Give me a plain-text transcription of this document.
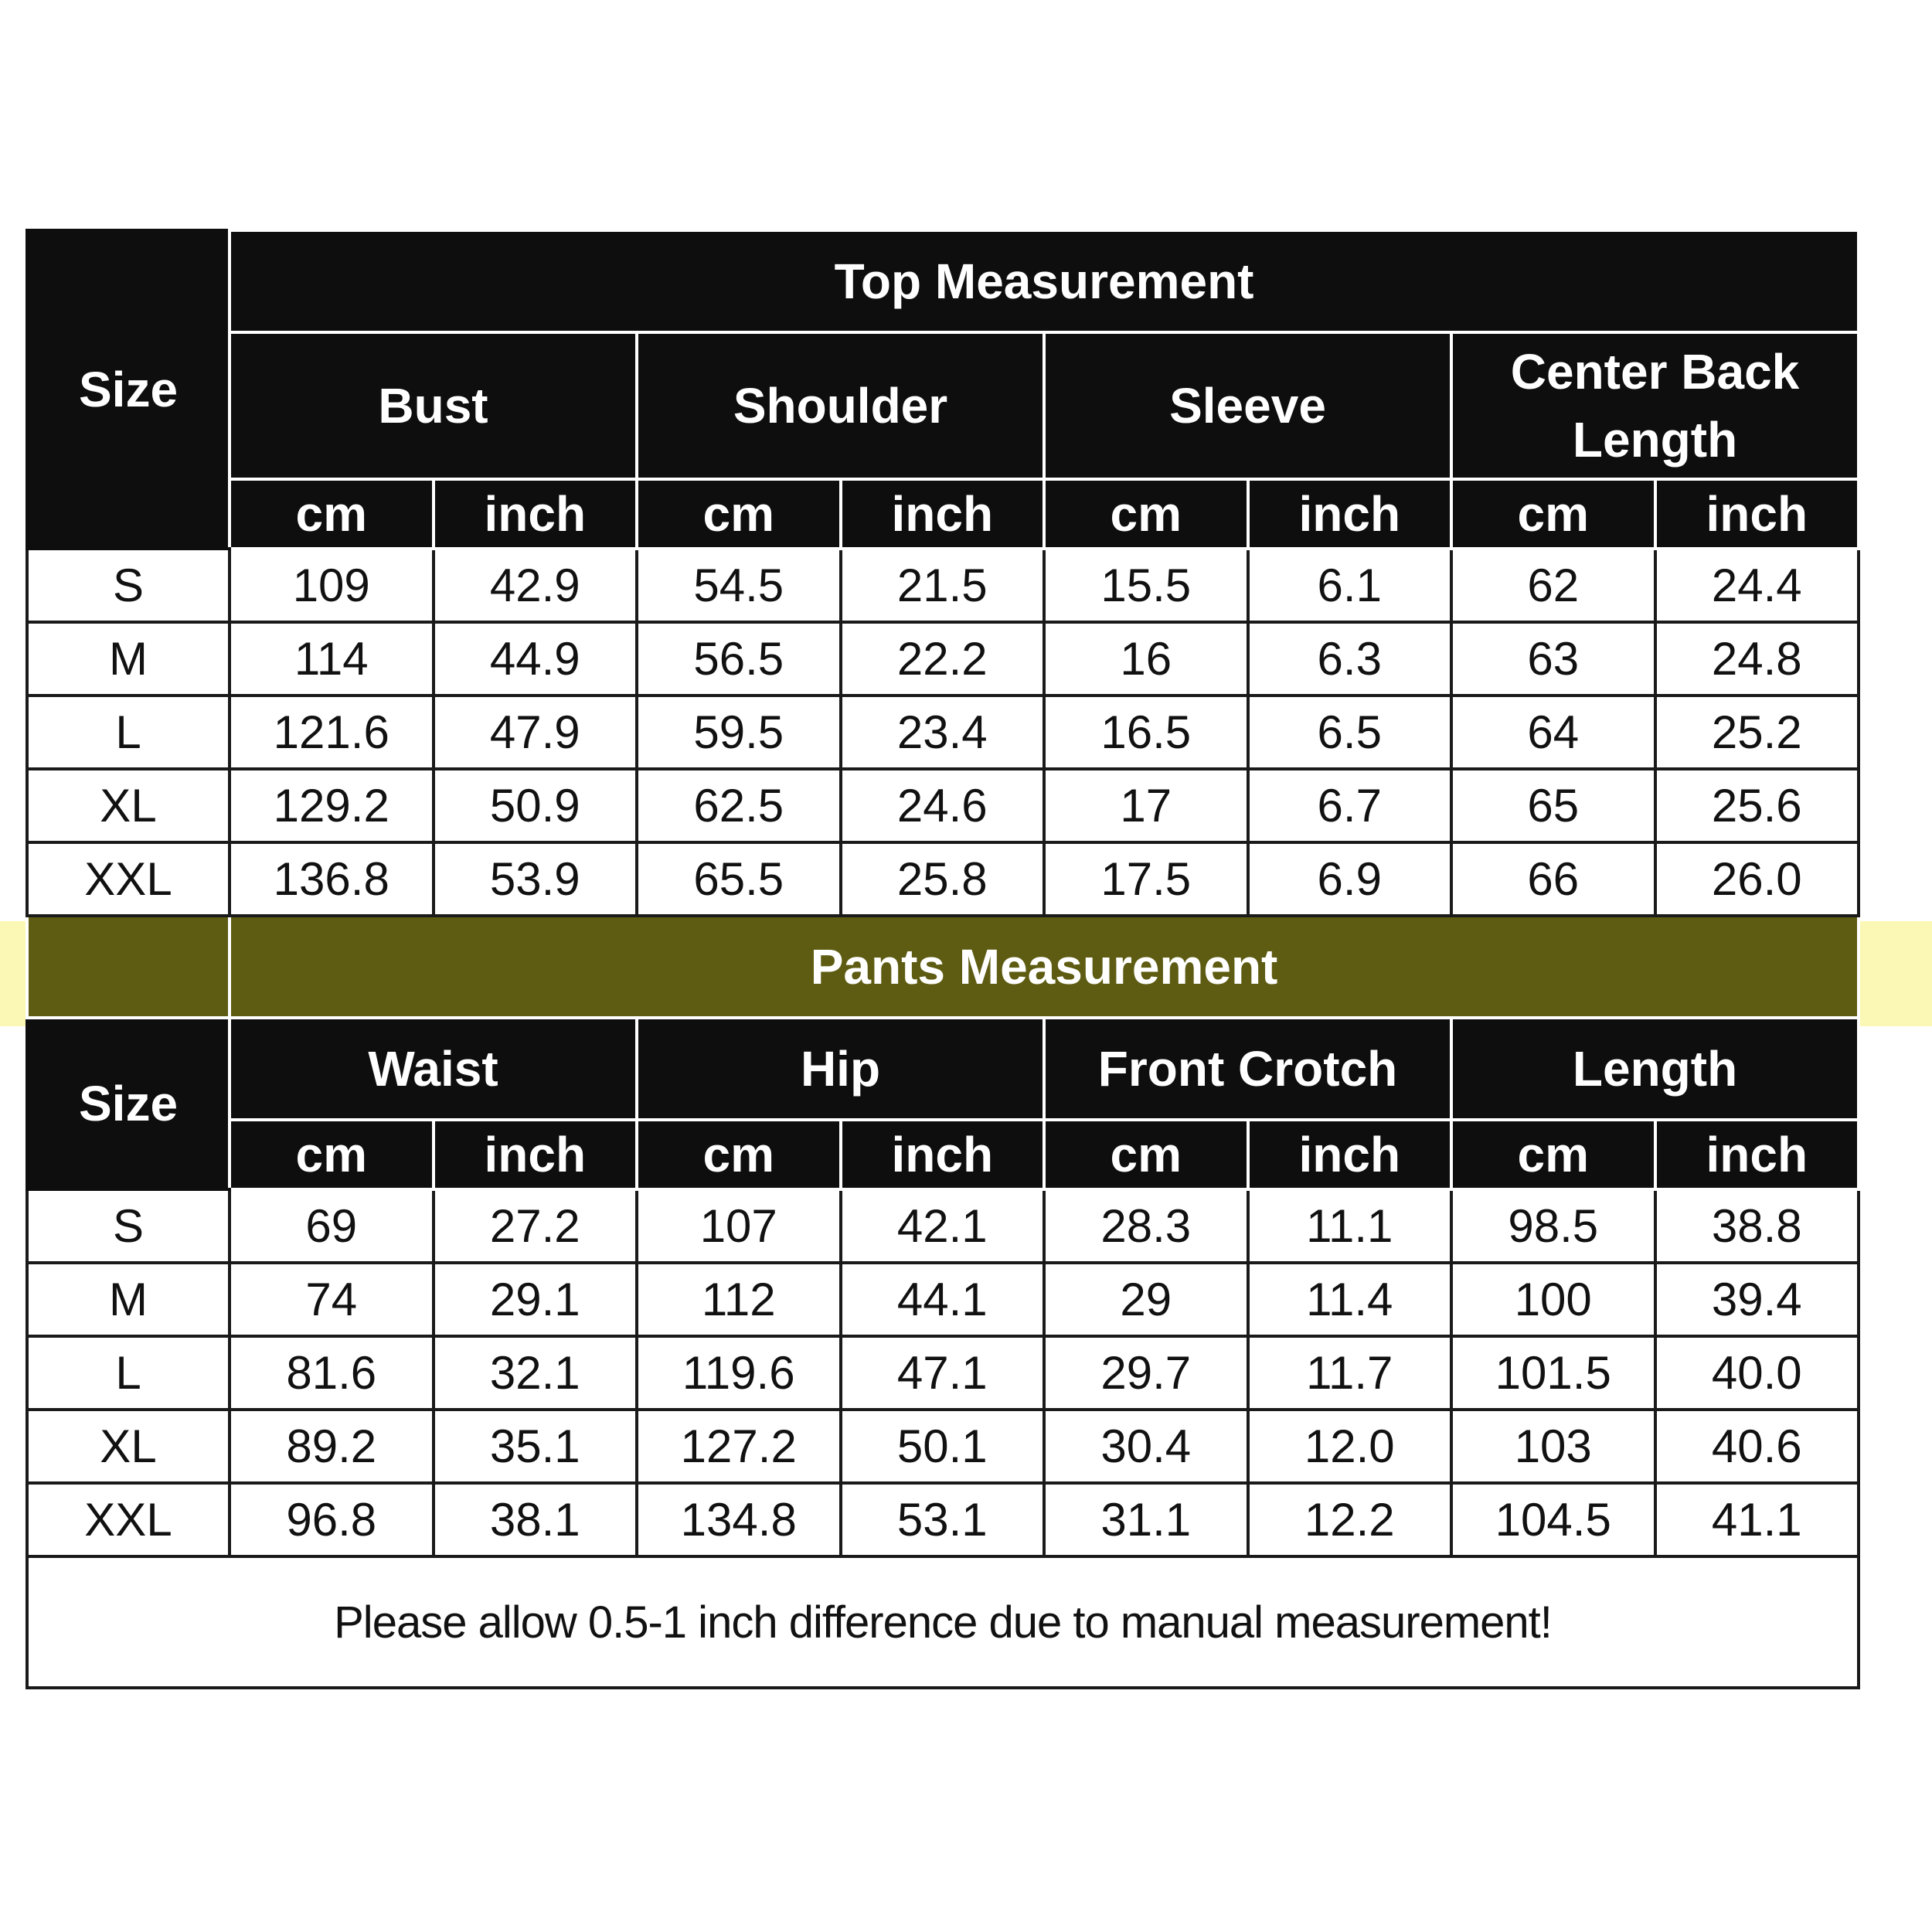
Size	Top Measurement							
	Bust		Shoulder		Sleeve		Center Back Length	
	cm	inch	cm	inch	cm	inch	cm	inch
S	109	42.9	54.5	21.5	15.5	6.1	62	24.4
M	114	44.9	56.5	22.2	16	6.3	63	24.8
L	121.6	47.9	59.5	23.4	16.5	6.5	64	25.2
XL	129.2	50.9	62.5	24.6	17	6.7	65	25.6
XXL	136.8	53.9	65.5	25.8	17.5	6.9	66	26.0
	Pants Measurement							
Size	Waist		Hip		Front Crotch		Length	
	cm	inch	cm	inch	cm	inch	cm	inch
S	69	27.2	107	42.1	28.3	11.1	98.5	38.8
M	74	29.1	112	44.1	29	11.4	100	39.4
L	81.6	32.1	119.6	47.1	29.7	11.7	101.5	40.0
XL	89.2	35.1	127.2	50.1	30.4	12.0	103	40.6
XXL	96.8	38.1	134.8	53.1	31.1	12.2	104.5	41.1
Please allow 0.5-1 inch difference due to manual measurement!								
